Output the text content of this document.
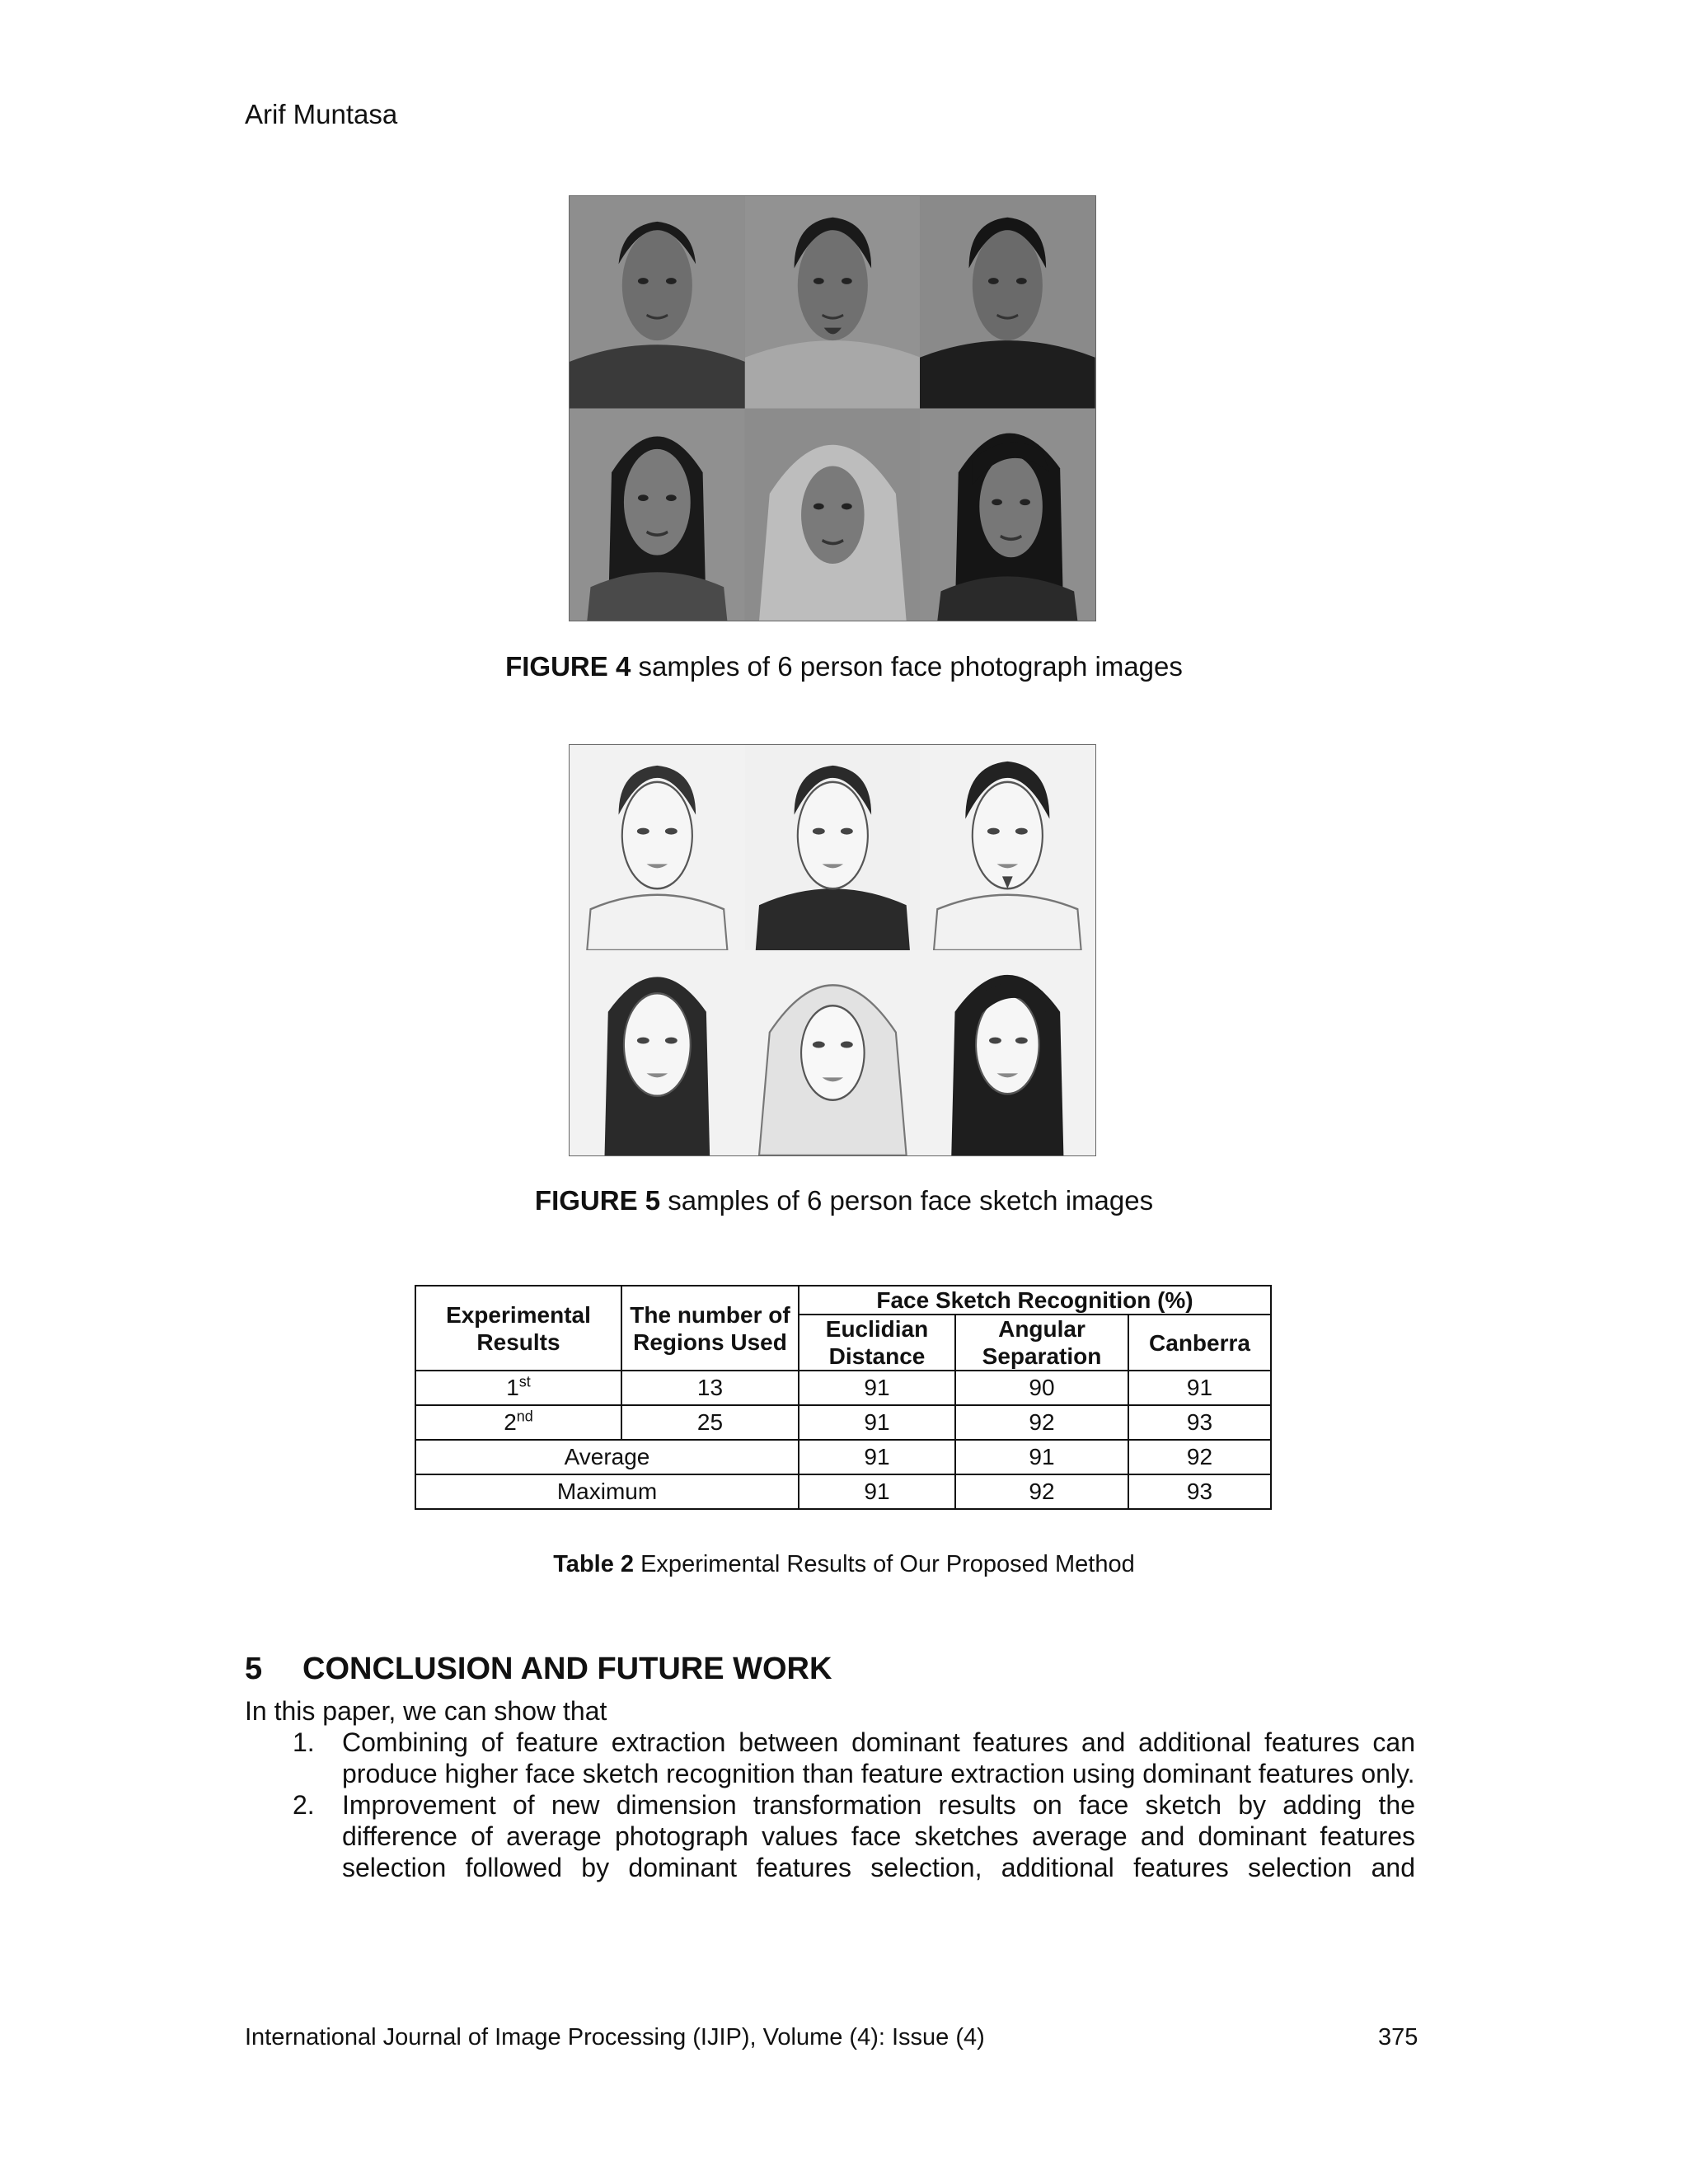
Arif Muntasa
FIGURE 4 samples of 6 person face photograph images
FIGURE 5 samples of 6 person face sketch images
Experimental Results	The number of Regions Used	Face Sketch Recognition (%)		
		Euclidian Distance	Angular Separation	Canberra
1st	13	91	90	91
2nd	25	91	92	93
Average		91	91	92
Maximum		91	92	93
Table 2 Experimental Results of Our Proposed Method
5 CONCLUSION AND FUTURE WORK
In this paper, we can show that
1. Combining of feature extraction between dominant features and additional features can produce higher face sketch recognition than feature extraction using dominant features only.
2. Improvement of new dimension transformation results on face sketch by adding the difference of average photograph values face sketches average and dominant features selection followed by dominant features selection, additional features selection and
International Journal of Image Processing (IJIP), Volume (4): Issue (4)	375
